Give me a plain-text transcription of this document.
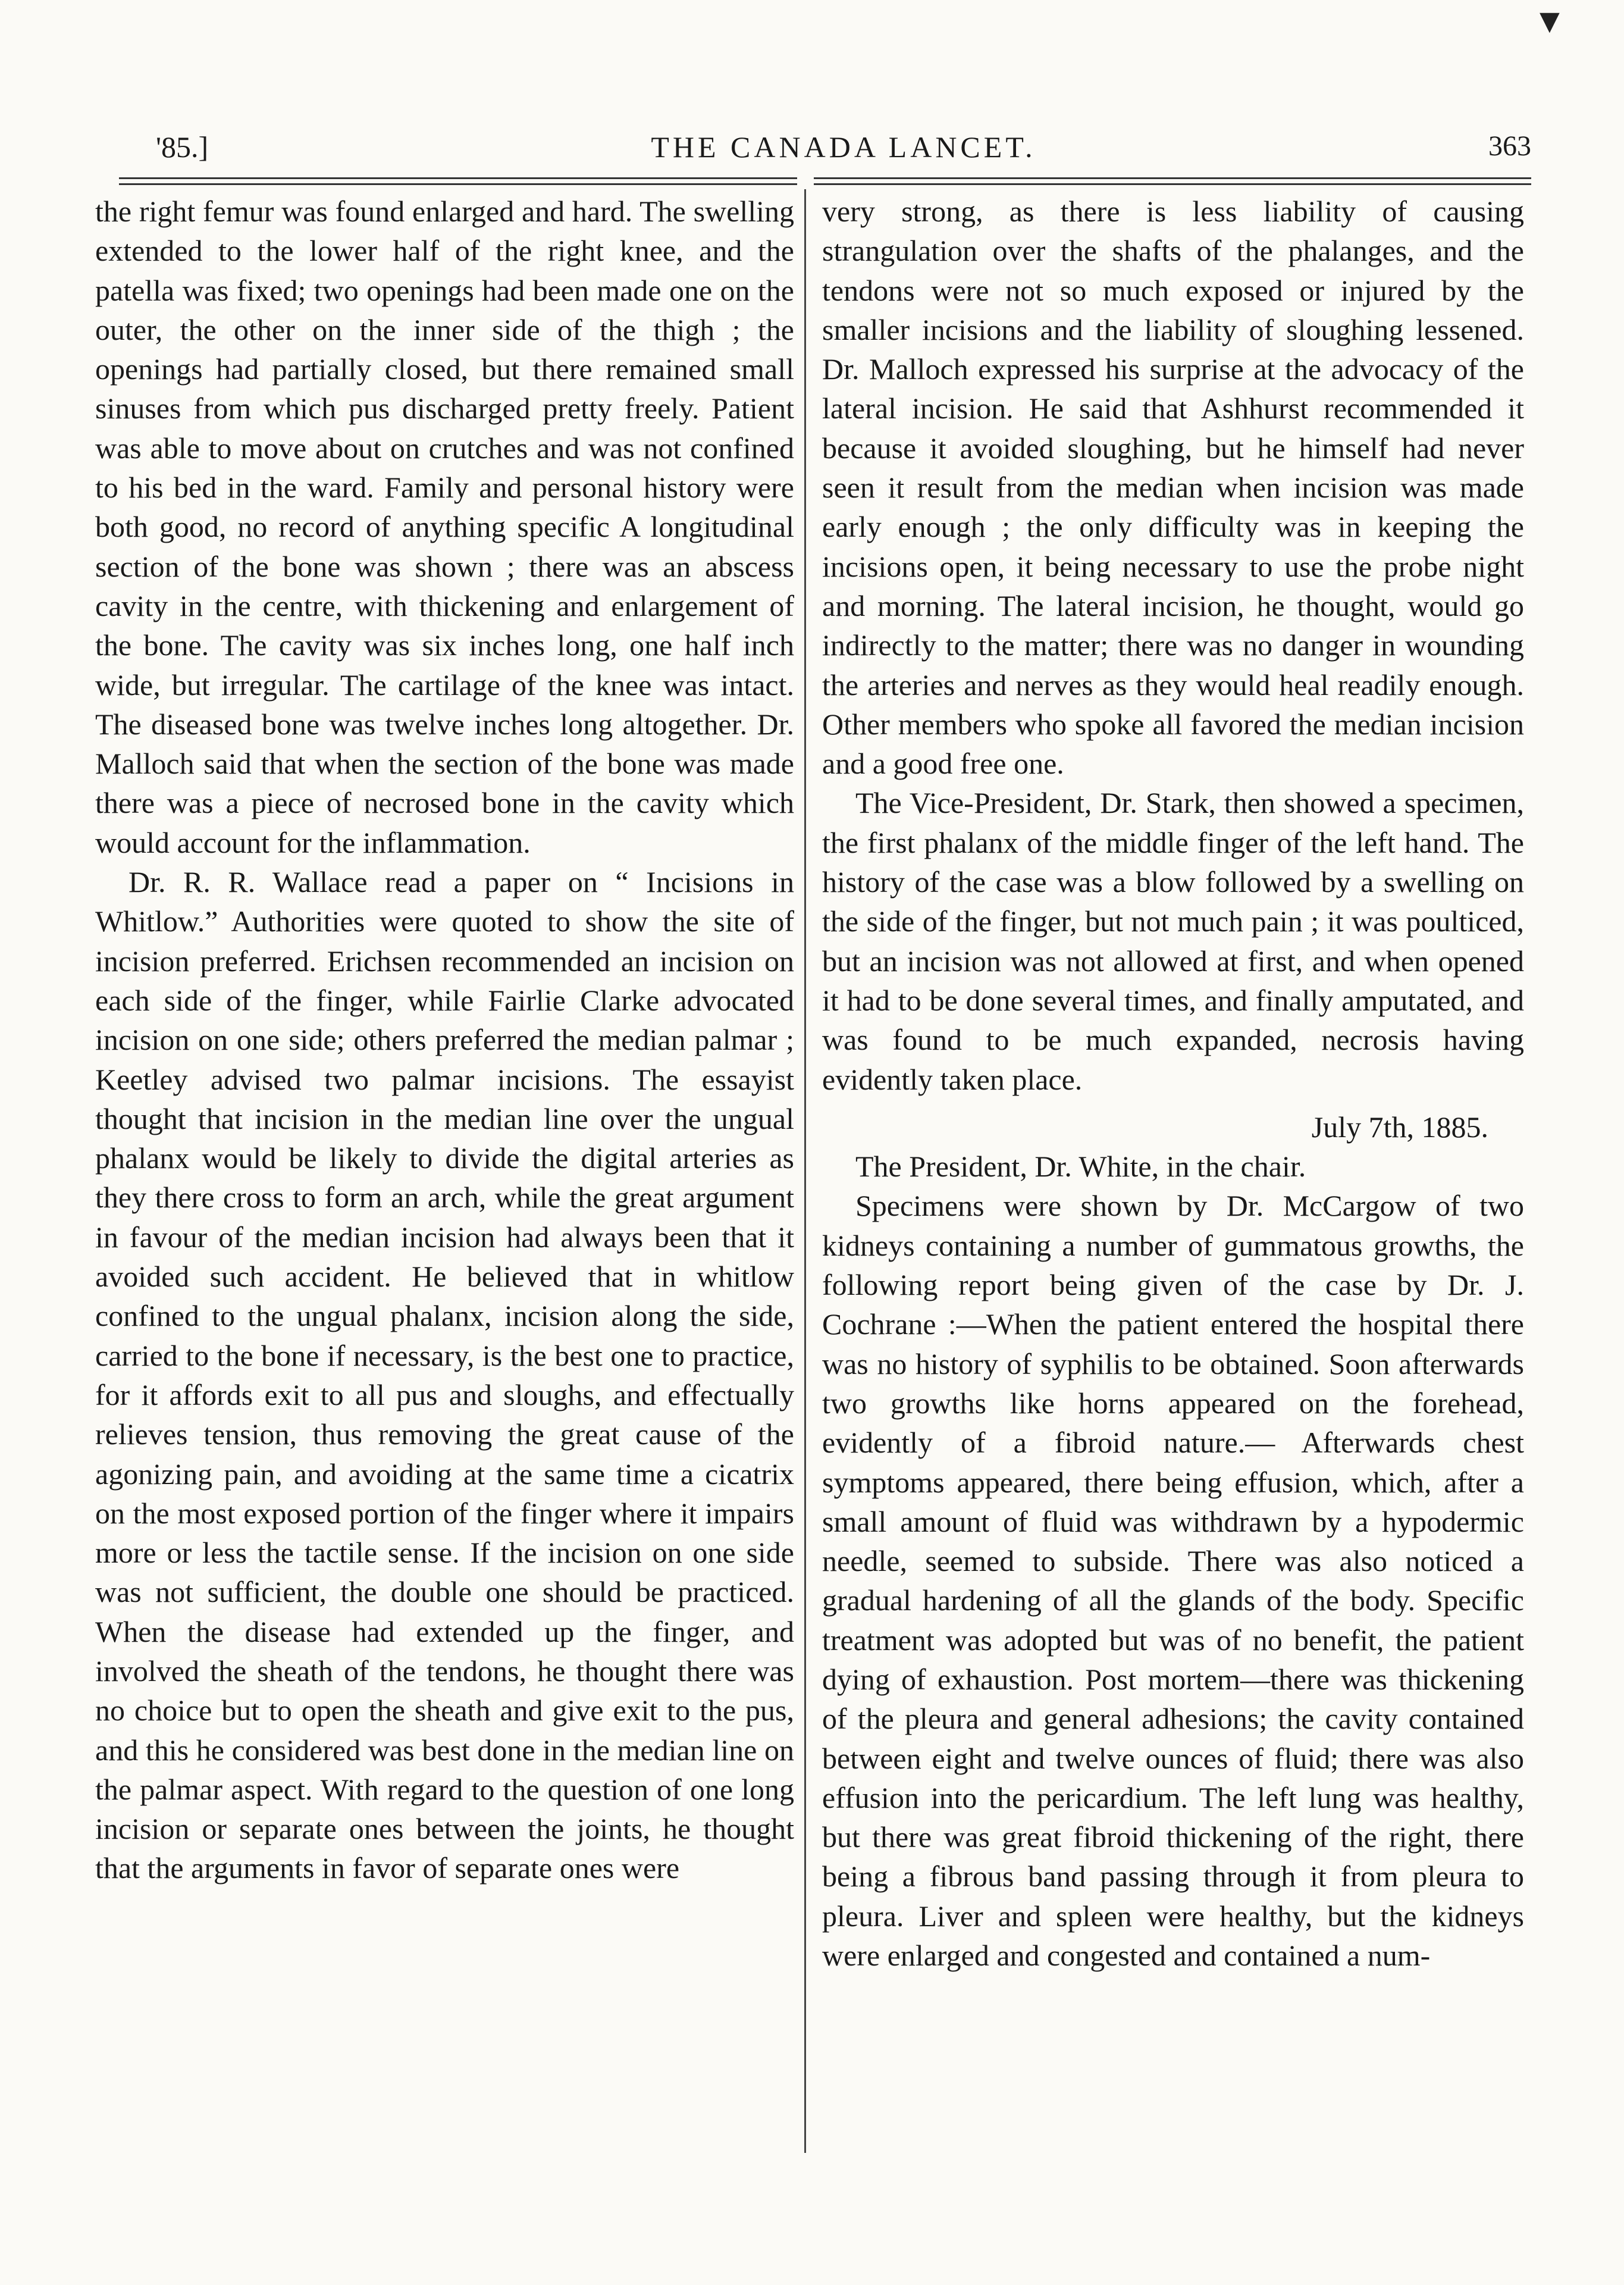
▼
'85.]	THE CANADA LANCET.	363

the right femur was found enlarged and hard. The swelling extended to the lower half of the right knee, and the patella was fixed; two openings had been made one on the outer, the other on the inner side of the thigh ; the openings had partially closed, but there remained small sinuses from which pus discharged pretty freely. Patient was able to move about on crutches and was not confined to his bed in the ward. Family and personal history were both good, no record of anything specific A longitudinal section of the bone was shown ; there was an abscess cavity in the centre, with thickening and enlargement of the bone. The cavity was six inches long, one half inch wide, but irregular. The cartilage of the knee was intact. The diseased bone was twelve inches long altogether. Dr. Malloch said that when the section of the bone was made there was a piece of necrosed bone in the cavity which would account for the inflammation.

Dr. R. R. Wallace read a paper on “ Incisions in Whitlow.” Authorities were quoted to show the site of incision preferred. Erichsen recommended an incision on each side of the finger, while Fairlie Clarke advocated incision on one side; others preferred the median palmar ; Keetley advised two palmar incisions. The essayist thought that incision in the median line over the ungual phalanx would be likely to divide the digital arteries as they there cross to form an arch, while the great argument in favour of the median incision had always been that it avoided such accident. He believed that in whitlow confined to the ungual phalanx, incision along the side, carried to the bone if necessary, is the best one to practice, for it affords exit to all pus and sloughs, and effectually relieves tension, thus removing the great cause of the agonizing pain, and avoiding at the same time a cicatrix on the most exposed portion of the finger where it impairs more or less the tactile sense. If the incision on one side was not sufficient, the double one should be practiced. When the disease had extended up the finger, and involved the sheath of the tendons, he thought there was no choice but to open the sheath and give exit to the pus, and this he considered was best done in the median line on the palmar aspect. With regard to the question of one long incision or separate ones between the joints, he thought that the arguments in favor of separate ones were

very strong, as there is less liability of causing strangulation over the shafts of the phalanges, and the tendons were not so much exposed or injured by the smaller incisions and the liability of sloughing lessened. Dr. Malloch expressed his surprise at the advocacy of the lateral incision. He said that Ashhurst recommended it because it avoided sloughing, but he himself had never seen it result from the median when incision was made early enough ; the only difficulty was in keeping the incisions open, it being necessary to use the probe night and morning. The lateral incision, he thought, would go indirectly to the matter; there was no danger in wounding the arteries and nerves as they would heal readily enough. Other members who spoke all favored the median incision and a good free one.

The Vice-President, Dr. Stark, then showed a specimen, the first phalanx of the middle finger of the left hand. The history of the case was a blow followed by a swelling on the side of the finger, but not much pain ; it was poulticed, but an incision was not allowed at first, and when opened it had to be done several times, and finally amputated, and was found to be much expanded, necrosis having evidently taken place.

July 7th, 1885.

The President, Dr. White, in the chair.

Specimens were shown by Dr. McCargow of two kidneys containing a number of gummatous growths, the following report being given of the case by Dr. J. Cochrane :—When the patient entered the hospital there was no history of syphilis to be obtained. Soon afterwards two growths like horns appeared on the forehead, evidently of a fibroid nature.— Afterwards chest symptoms appeared, there being effusion, which, after a small amount of fluid was withdrawn by a hypodermic needle, seemed to subside. There was also noticed a gradual hardening of all the glands of the body. Specific treatment was adopted but was of no benefit, the patient dying of exhaustion. Post mortem—there was thickening of the pleura and general adhesions; the cavity contained between eight and twelve ounces of fluid; there was also effusion into the pericardium. The left lung was healthy, but there was great fibroid thickening of the right, there being a fibrous band passing through it from pleura to pleura. Liver and spleen were healthy, but the kidneys were enlarged and congested and contained a num-
